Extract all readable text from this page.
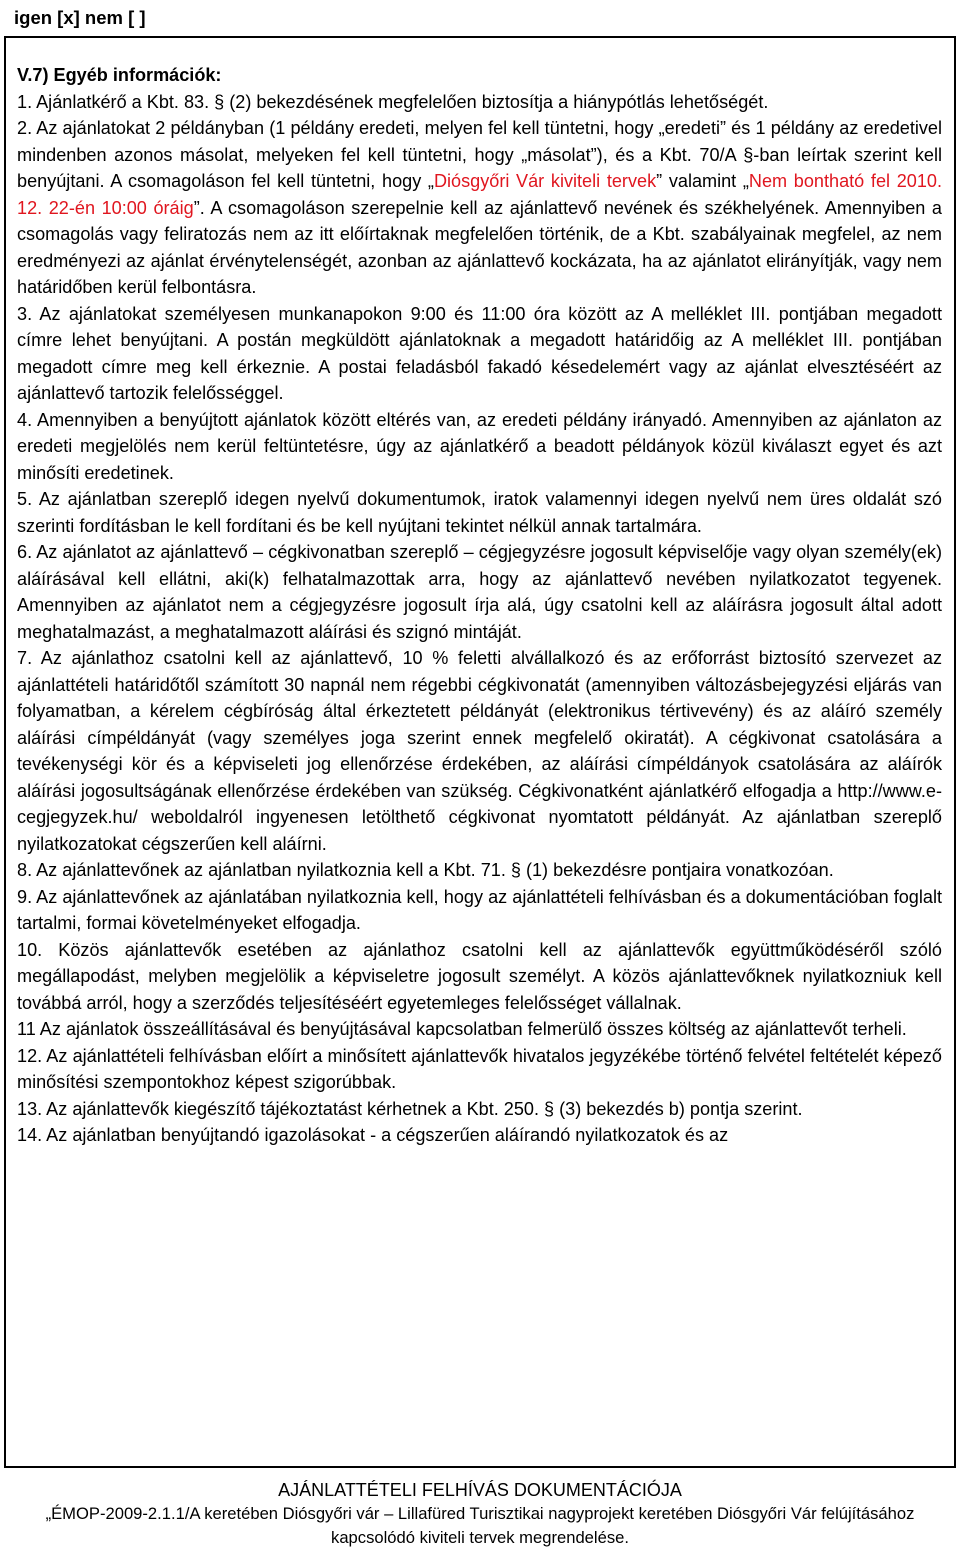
igen [x] nem [ ]

V.7) Egyéb információk:

1. Ajánlatkérő a Kbt. 83. § (2) bekezdésének megfelelően biztosítja a hiánypótlás lehetőségét.

2. Az ajánlatokat 2 példányban (1 példány eredeti, melyen fel kell tüntetni, hogy „eredeti” és 1 példány az eredetivel mindenben azonos másolat, melyeken fel kell tüntetni, hogy „másolat”), és a Kbt. 70/A §-ban leírtak szerint kell benyújtani. A csomagoláson fel kell tüntetni, hogy „Diósgyőri Vár kiviteli tervek” valamint „Nem bontható fel 2010. 12. 22-én 10:00 óráig”. A csomagoláson szerepelnie kell az ajánlattevő nevének és székhelyének. Amennyiben a csomagolás vagy feliratozás nem az itt előírtaknak megfelelően történik, de a Kbt. szabályainak megfelel, az nem eredményezi az ajánlat érvénytelenségét, azonban az ajánlattevő kockázata, ha az ajánlatot elirányítják, vagy nem határidőben kerül felbontásra.

3. Az ajánlatokat személyesen munkanapokon 9:00 és 11:00 óra között az A melléklet III. pontjában megadott címre lehet benyújtani. A postán megküldött ajánlatoknak a megadott határidőig az A melléklet III. pontjában megadott címre meg kell érkeznie. A postai feladásból fakadó késedelemért vagy az ajánlat elvesztéséért az ajánlattevő tartozik felelősséggel.

4. Amennyiben a benyújtott ajánlatok között eltérés van, az eredeti példány irányadó. Amennyiben az ajánlaton az eredeti megjelölés nem kerül feltüntetésre, úgy az ajánlatkérő a beadott példányok közül kiválaszt egyet és azt minősíti eredetinek.

5. Az ajánlatban szereplő idegen nyelvű dokumentumok, iratok valamennyi idegen nyelvű nem üres oldalát szó szerinti fordításban le kell fordítani és be kell nyújtani tekintet nélkül annak tartalmára.

6. Az ajánlatot az ajánlattevő – cégkivonatban szereplő – cégjegyzésre jogosult képviselője vagy olyan személy(ek) aláírásával kell ellátni, aki(k) felhatalmazottak arra, hogy az ajánlattevő nevében nyilatkozatot tegyenek. Amennyiben az ajánlatot nem a cégjegyzésre jogosult írja alá, úgy csatolni kell az aláírásra jogosult által adott meghatalmazást, a meghatalmazott aláírási és szignó mintáját.

7. Az ajánlathoz csatolni kell az ajánlattevő, 10 % feletti alvállalkozó és az erőforrást biztosító szervezet az ajánlattételi határidőtől számított 30 napnál nem régebbi cégkivonatát (amennyiben változásbejegyzési eljárás van folyamatban, a kérelem cégbíróság által érkeztetett példányát (elektronikus tértivevény) és az aláíró személy aláírási címpéldányát (vagy személyes joga szerint ennek megfelelő okiratát). A cégkivonat csatolására a tevékenységi kör és a képviseleti jog ellenőrzése érdekében, az aláírási címpéldányok csatolására az aláírók aláírási jogosultságának ellenőrzése érdekében van szükség. Cégkivonatként ajánlatkérő elfogadja a http://www.e-cegjegyzek.hu/ weboldalról ingyenesen letölthető cégkivonat nyomtatott példányát. Az ajánlatban szereplő nyilatkozatokat cégszerűen kell aláírni.

8. Az ajánlattevőnek az ajánlatban nyilatkoznia kell a Kbt. 71. § (1) bekezdésre pontjaira vonatkozóan.

9. Az ajánlattevőnek az ajánlatában nyilatkoznia kell, hogy az ajánlattételi felhívásban és a dokumentációban foglalt tartalmi, formai követelményeket elfogadja.

10. Közös ajánlattevők esetében az ajánlathoz csatolni kell az ajánlattevők együttműködéséről szóló megállapodást, melyben megjelölik a képviseletre jogosult személyt. A közös ajánlattevőknek nyilatkozniuk kell továbbá arról, hogy a szerződés teljesítéséért egyetemleges felelősséget vállalnak.

11 Az ajánlatok összeállításával és benyújtásával kapcsolatban felmerülő összes költség az ajánlattevőt terheli.

12. Az ajánlattételi felhívásban előírt a minősített ajánlattevők hivatalos jegyzékébe történő felvétel feltételét képező minősítési szempontokhoz képest szigorúbbak.

13. Az ajánlattevők kiegészítő tájékoztatást kérhetnek a Kbt. 250. § (3) bekezdés b) pontja szerint.

14. Az ajánlatban benyújtandó igazolásokat - a cégszerűen aláírandó nyilatkozatok és az

AJÁNLATTÉTELI FELHÍVÁS DOKUMENTÁCIÓJA
„ÉMOP-2009-2.1.1/A keretében Diósgyőri vár – Lillafüred Turisztikai nagyprojekt keretében Diósgyőri Vár felújításához kapcsolódó kiviteli tervek megrendelése.
